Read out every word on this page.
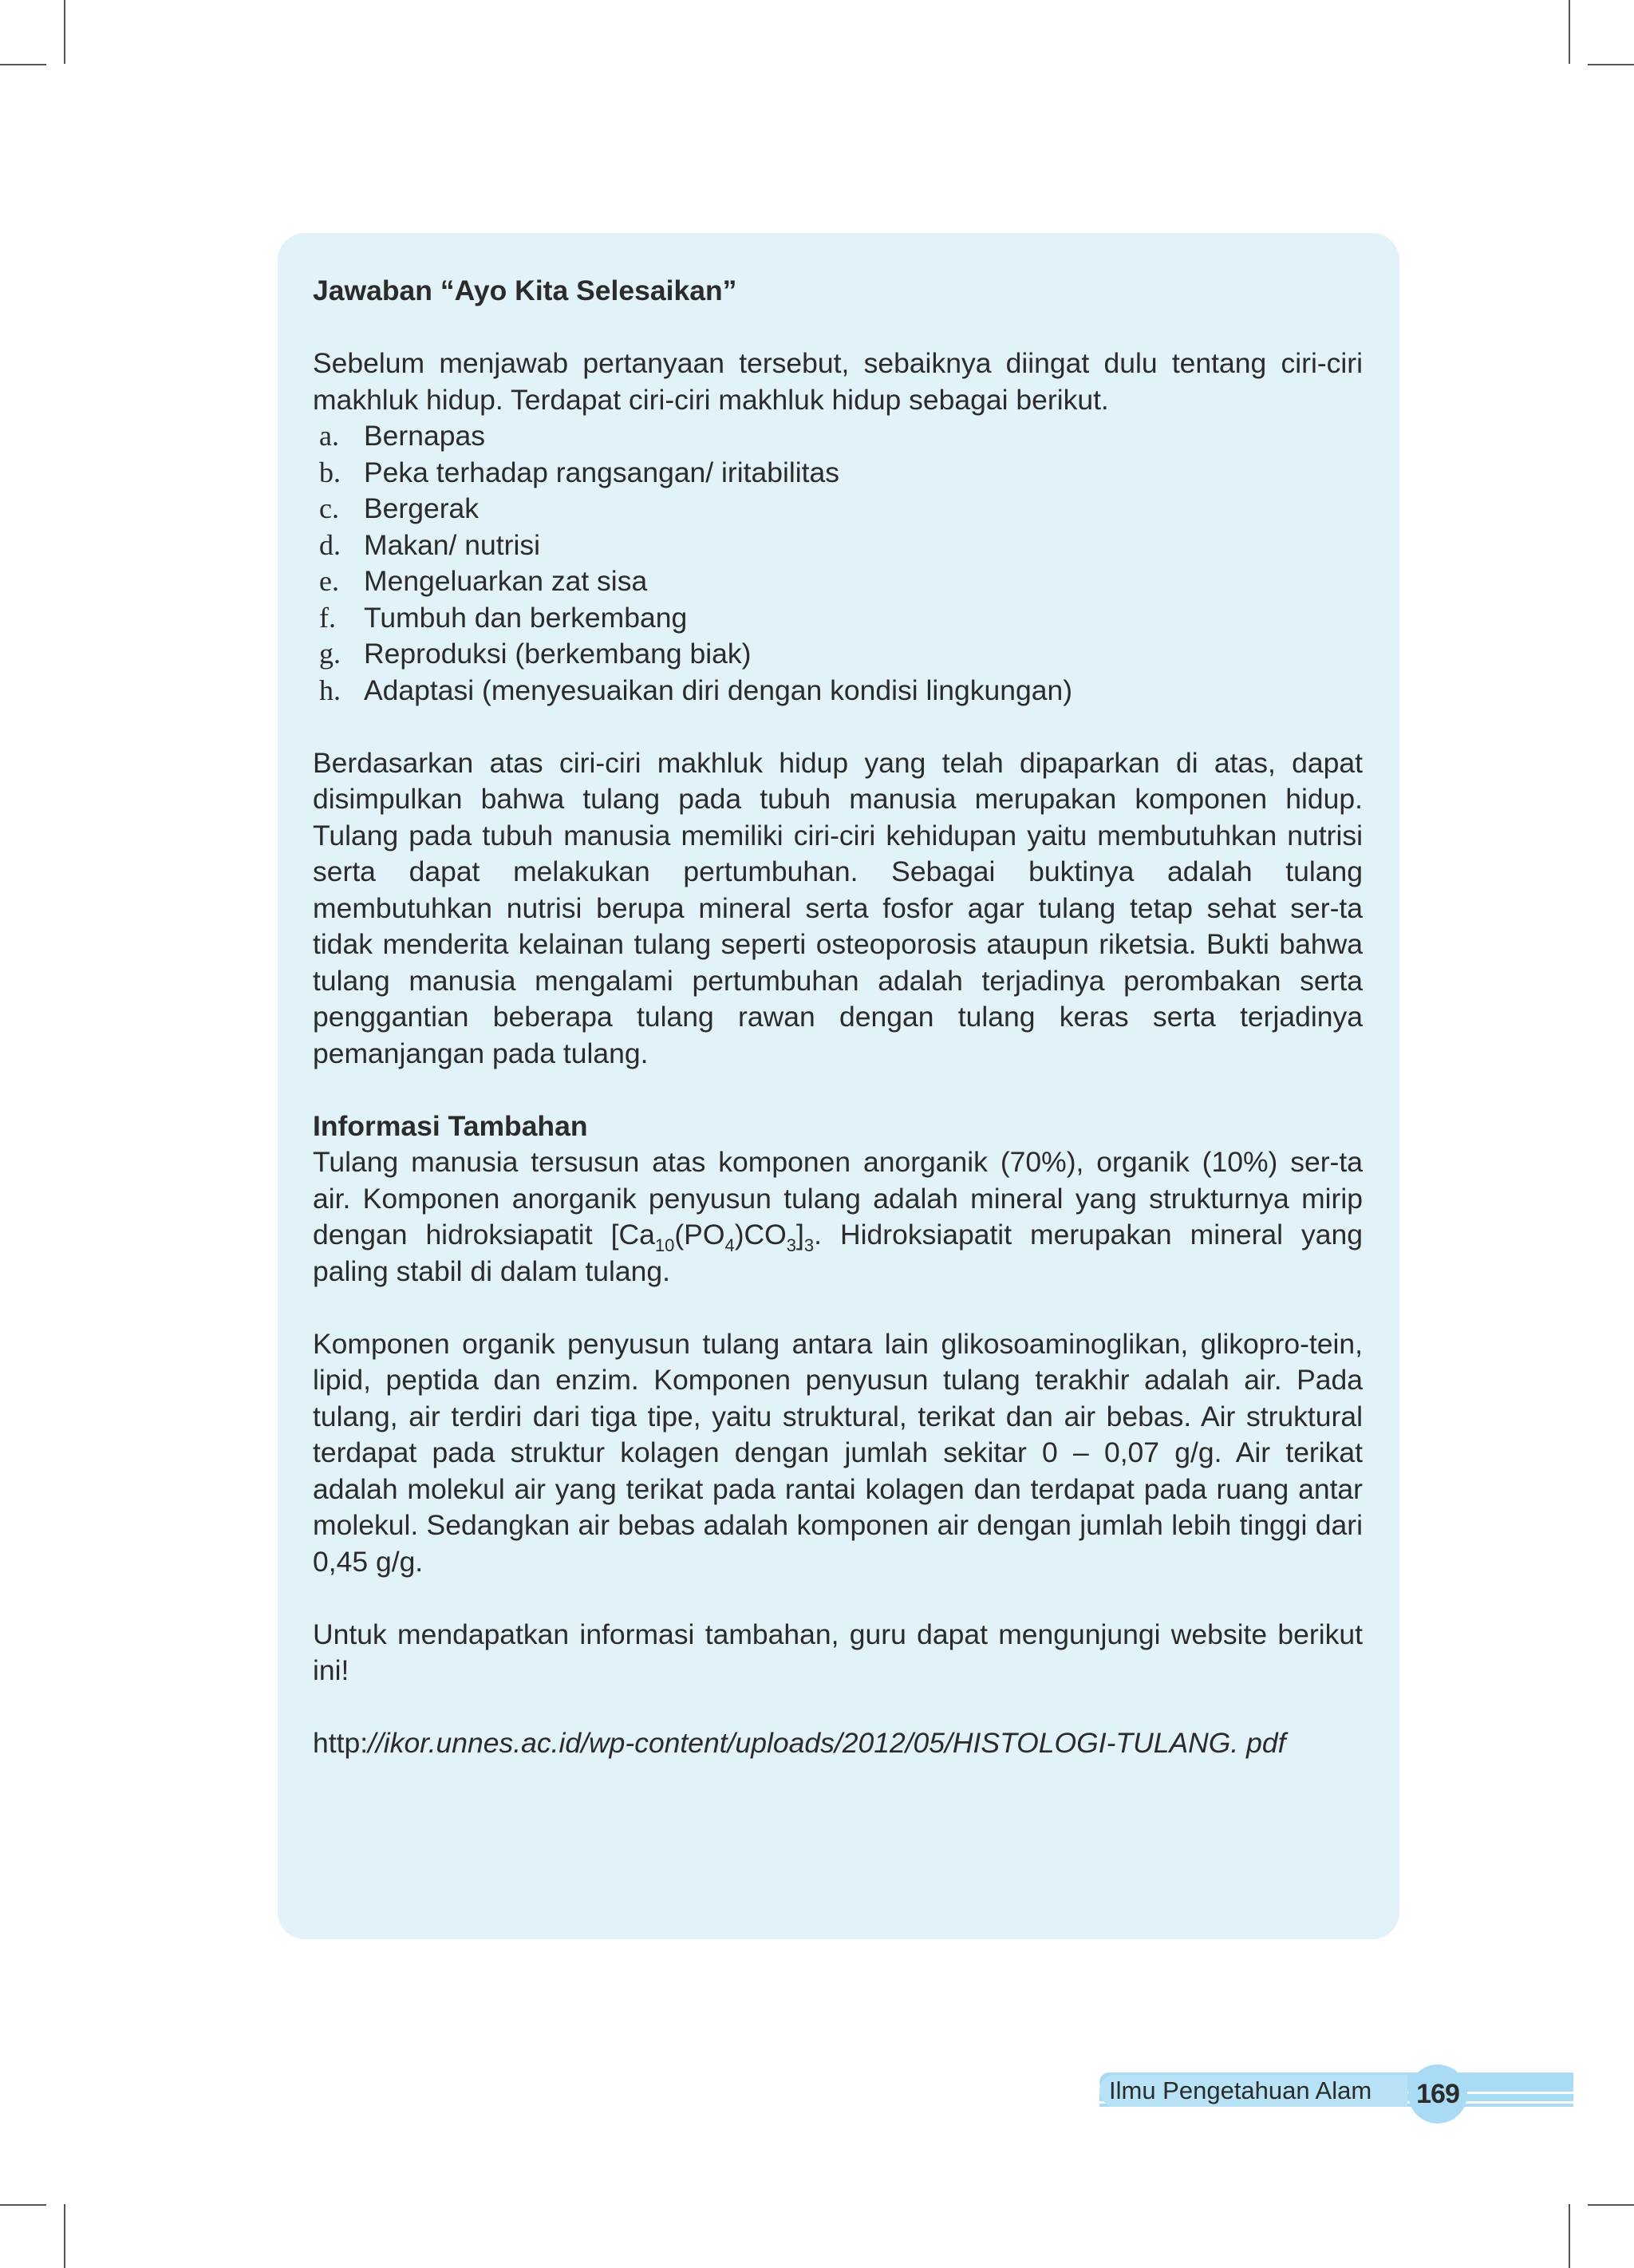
Jawaban “Ayo Kita Selesaikan”

Sebelum menjawab pertanyaan tersebut, sebaiknya diingat dulu tentang ciri-ciri makhluk hidup. Terdapat ciri-ciri makhluk hidup sebagai berikut.

a. Bernapas
b. Peka terhadap rangsangan/ iritabilitas
c. Bergerak
d. Makan/ nutrisi
e. Mengeluarkan zat sisa
f. Tumbuh dan berkembang
g. Reproduksi (berkembang biak)
h. Adaptasi (menyesuaikan diri dengan kondisi lingkungan)

Berdasarkan atas ciri-ciri makhluk hidup yang telah dipaparkan di atas, dapat disimpulkan bahwa tulang pada tubuh manusia merupakan komponen hidup. Tulang pada tubuh manusia memiliki ciri-ciri kehidupan yaitu membutuhkan nutrisi serta dapat melakukan pertumbuhan. Sebagai buktinya adalah tulang membutuhkan nutrisi berupa mineral serta fosfor agar tulang tetap sehat ser-ta tidak menderita kelainan tulang seperti osteoporosis ataupun riketsia. Bukti bahwa tulang manusia mengalami pertumbuhan adalah terjadinya perombakan serta penggantian beberapa tulang rawan dengan tulang keras serta terjadinya pemanjangan pada tulang.

Informasi Tambahan

Tulang manusia tersusun atas komponen anorganik (70%), organik (10%) ser-ta air. Komponen anorganik penyusun tulang adalah mineral yang strukturnya mirip dengan hidroksiapatit $[Ca_{10}(PO_4)CO_3]_3$. Hidroksiapatit merupakan mineral yang paling stabil di dalam tulang.

Komponen organik penyusun tulang antara lain glikosoaminoglikan, glikopro-tein, lipid, peptida dan enzim. Komponen penyusun tulang terakhir adalah air. Pada tulang, air terdiri dari tiga tipe, yaitu struktural, terikat dan air bebas. Air struktural terdapat pada struktur kolagen dengan jumlah sekitar 0 – 0,07 g/g. Air terikat adalah molekul air yang terikat pada rantai kolagen dan terdapat pada ruang antar molekul. Sedangkan air bebas adalah komponen air dengan jumlah lebih tinggi dari 0,45 g/g.

Untuk mendapatkan informasi tambahan, guru dapat mengunjungi website berikut ini!

http://ikor.unnes.ac.id/wp-content/uploads/2012/05/HISTOLOGI-TULANG. pdf

Ilmu Pengetahuan Alam	169
